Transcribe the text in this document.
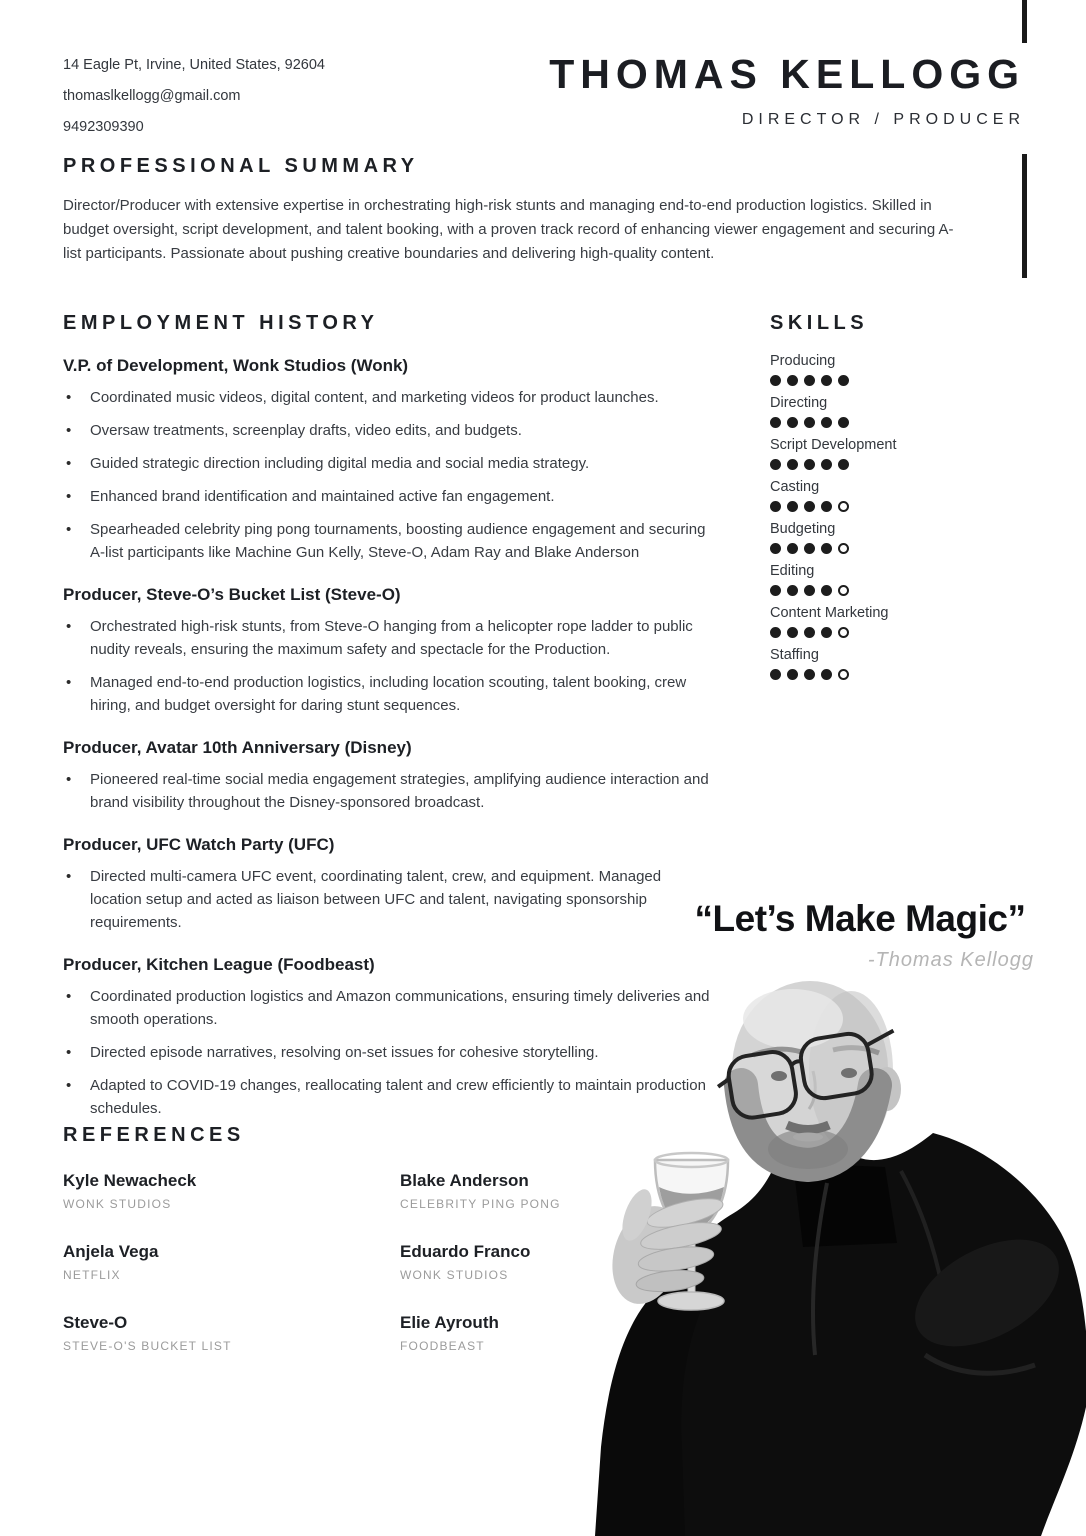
14 Eagle Pt, Irvine, United States, 92604
thomaslkellogg@gmail.com
9492309390
THOMAS KELLOGG
DIRECTOR / PRODUCER
PROFESSIONAL SUMMARY

Director/Producer with extensive expertise in orchestrating high-risk stunts and managing end-to-end production logistics. Skilled in budget oversight, script development, and talent booking, with a proven track record of enhancing viewer engagement and securing A-list participants. Passionate about pushing creative boundaries and delivering high-quality content.

EMPLOYMENT HISTORY
V.P. of Development, Wonk Studios (Wonk)
• Coordinated music videos, digital content, and marketing videos for product launches.
• Oversaw treatments, screenplay drafts, video edits, and budgets.
• Guided strategic direction including digital media and social media strategy.
• Enhanced brand identification and maintained active fan engagement.
• Spearheaded celebrity ping pong tournaments, boosting audience engagement and securing A-list participants like Machine Gun Kelly, Steve-O, Adam Ray and Blake Anderson
Producer, Steve-O’s Bucket List (Steve-O)
• Orchestrated high-risk stunts, from Steve-O hanging from a helicopter rope ladder to public nudity reveals, ensuring the maximum safety and spectacle for the Production.
• Managed end-to-end production logistics, including location scouting, talent booking, crew hiring, and budget oversight for daring stunt sequences.
Producer, Avatar 10th Anniversary (Disney)
• Pioneered real-time social media engagement strategies, amplifying audience interaction and brand visibility throughout the Disney-sponsored broadcast.
Producer, UFC Watch Party (UFC)
• Directed multi-camera UFC event, coordinating talent, crew, and equipment. Managed location setup and acted as liaison between UFC and talent, navigating sponsorship requirements.
Producer, Kitchen League (Foodbeast)
• Coordinated production logistics and Amazon communications, ensuring timely deliveries and smooth operations.
• Directed episode narratives, resolving on-set issues for cohesive storytelling.
• Adapted to COVID-19 changes, reallocating talent and crew efficiently to maintain production schedules.
SKILLS
Producing
Directing
Script Development
Casting
Budgeting
Editing
Content Marketing
Staffing
“Let’s Make Magic”
-Thomas Kellogg
REFERENCES
Kyle Newacheck
WONK STUDIOS
Blake Anderson
CELEBRITY PING PONG
Anjela Vega
NETFLIX
Eduardo Franco
WONK STUDIOS
Steve-O
STEVE-O'S BUCKET LIST
Elie Ayrouth
FOODBEAST
